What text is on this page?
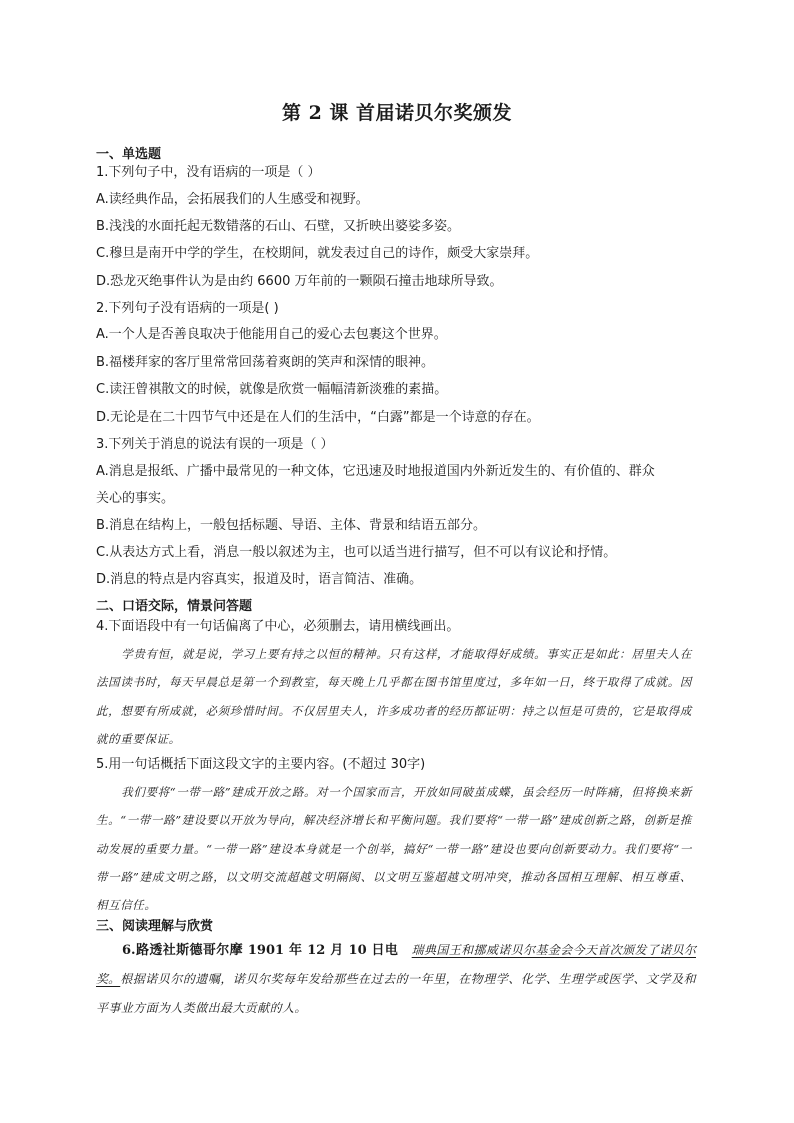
第 2 课 首届诺贝尔奖颁发
一、单选题
1.下列句子中，没有语病的一项是（ ）
A.读经典作品，会拓展我们的人生感受和视野。
B.浅浅的水面托起无数错落的石山、石壁，又折映出婆娑多姿。
C.穆旦是南开中学的学生，在校期间，就发表过自己的诗作，颇受大家崇拜。
D.恐龙灭绝事件认为是由约 6600 万年前的一颗陨石撞击地球所导致。
2.下列句子没有语病的一项是( )
A.一个人是否善良取决于他能用自己的爱心去包裹这个世界。
B.福楼拜家的客厅里常常回荡着爽朗的笑声和深情的眼神。
C.读汪曾祺散文的时候，就像是欣赏一幅幅清新淡雅的素描。
D.无论是在二十四节气中还是在人们的生活中，“白露”都是一个诗意的存在。
3.下列关于消息的说法有误的一项是（ ）
A.消息是报纸、广播中最常见的一种文体，它迅速及时地报道国内外新近发生的、有价值的、群众
关心的事实。
B.消息在结构上，一般包括标题、导语、主体、背景和结语五部分。
C.从表达方式上看，消息一般以叙述为主，也可以适当进行描写，但不可以有议论和抒情。
D.消息的特点是内容真实，报道及时，语言简洁、准确。
二、口语交际，情景问答题
4.下面语段中有一句话偏离了中心，必须删去，请用横线画出。
学贵有恒，就是说，学习上要有持之以恒的精神。只有这样，才能取得好成绩。事实正是如此：居里夫人在法国读书时，每天早晨总是第一个到教室，每天晚上几乎都在图书馆里度过，多年如一日，终于取得了成就。因此，想要有所成就，必须珍惜时间。不仅居里夫人，许多成功者的经历都证明：持之以恒是可贵的，它是取得成就的重要保证。
5.用一句话概括下面这段文字的主要内容。(不超过 30字)
我们要将“一带一路”建成开放之路。对一个国家而言，开放如同破茧成蝶，虽会经历一时阵痛，但将换来新生。“一带一路”建设要以开放为导向，解决经济增长和平衡问题。我们要将“一带一路”建成创新之路，创新是推动发展的重要力量。“一带一路”建设本身就是一个创举，搞好“一带一路”建设也要向创新要动力。我们要将“一带一路”建成文明之路，以文明交流超越文明隔阂、以文明互鉴超越文明冲突，推动各国相互理解、相互尊重、相互信任。
三、阅读理解与欣赏
6.路透社斯德哥尔摩 1901 年 12 月 10 日电　 瑞典国王和挪威诺贝尔基金会今天首次颁发了诺贝尔奖。根据诺贝尔的遗嘱，诺贝尔奖每年发给那些在过去的一年里，在物理学、化学、生理学或医学、文学及和平事业方面为人类做出最大贡献的人。
